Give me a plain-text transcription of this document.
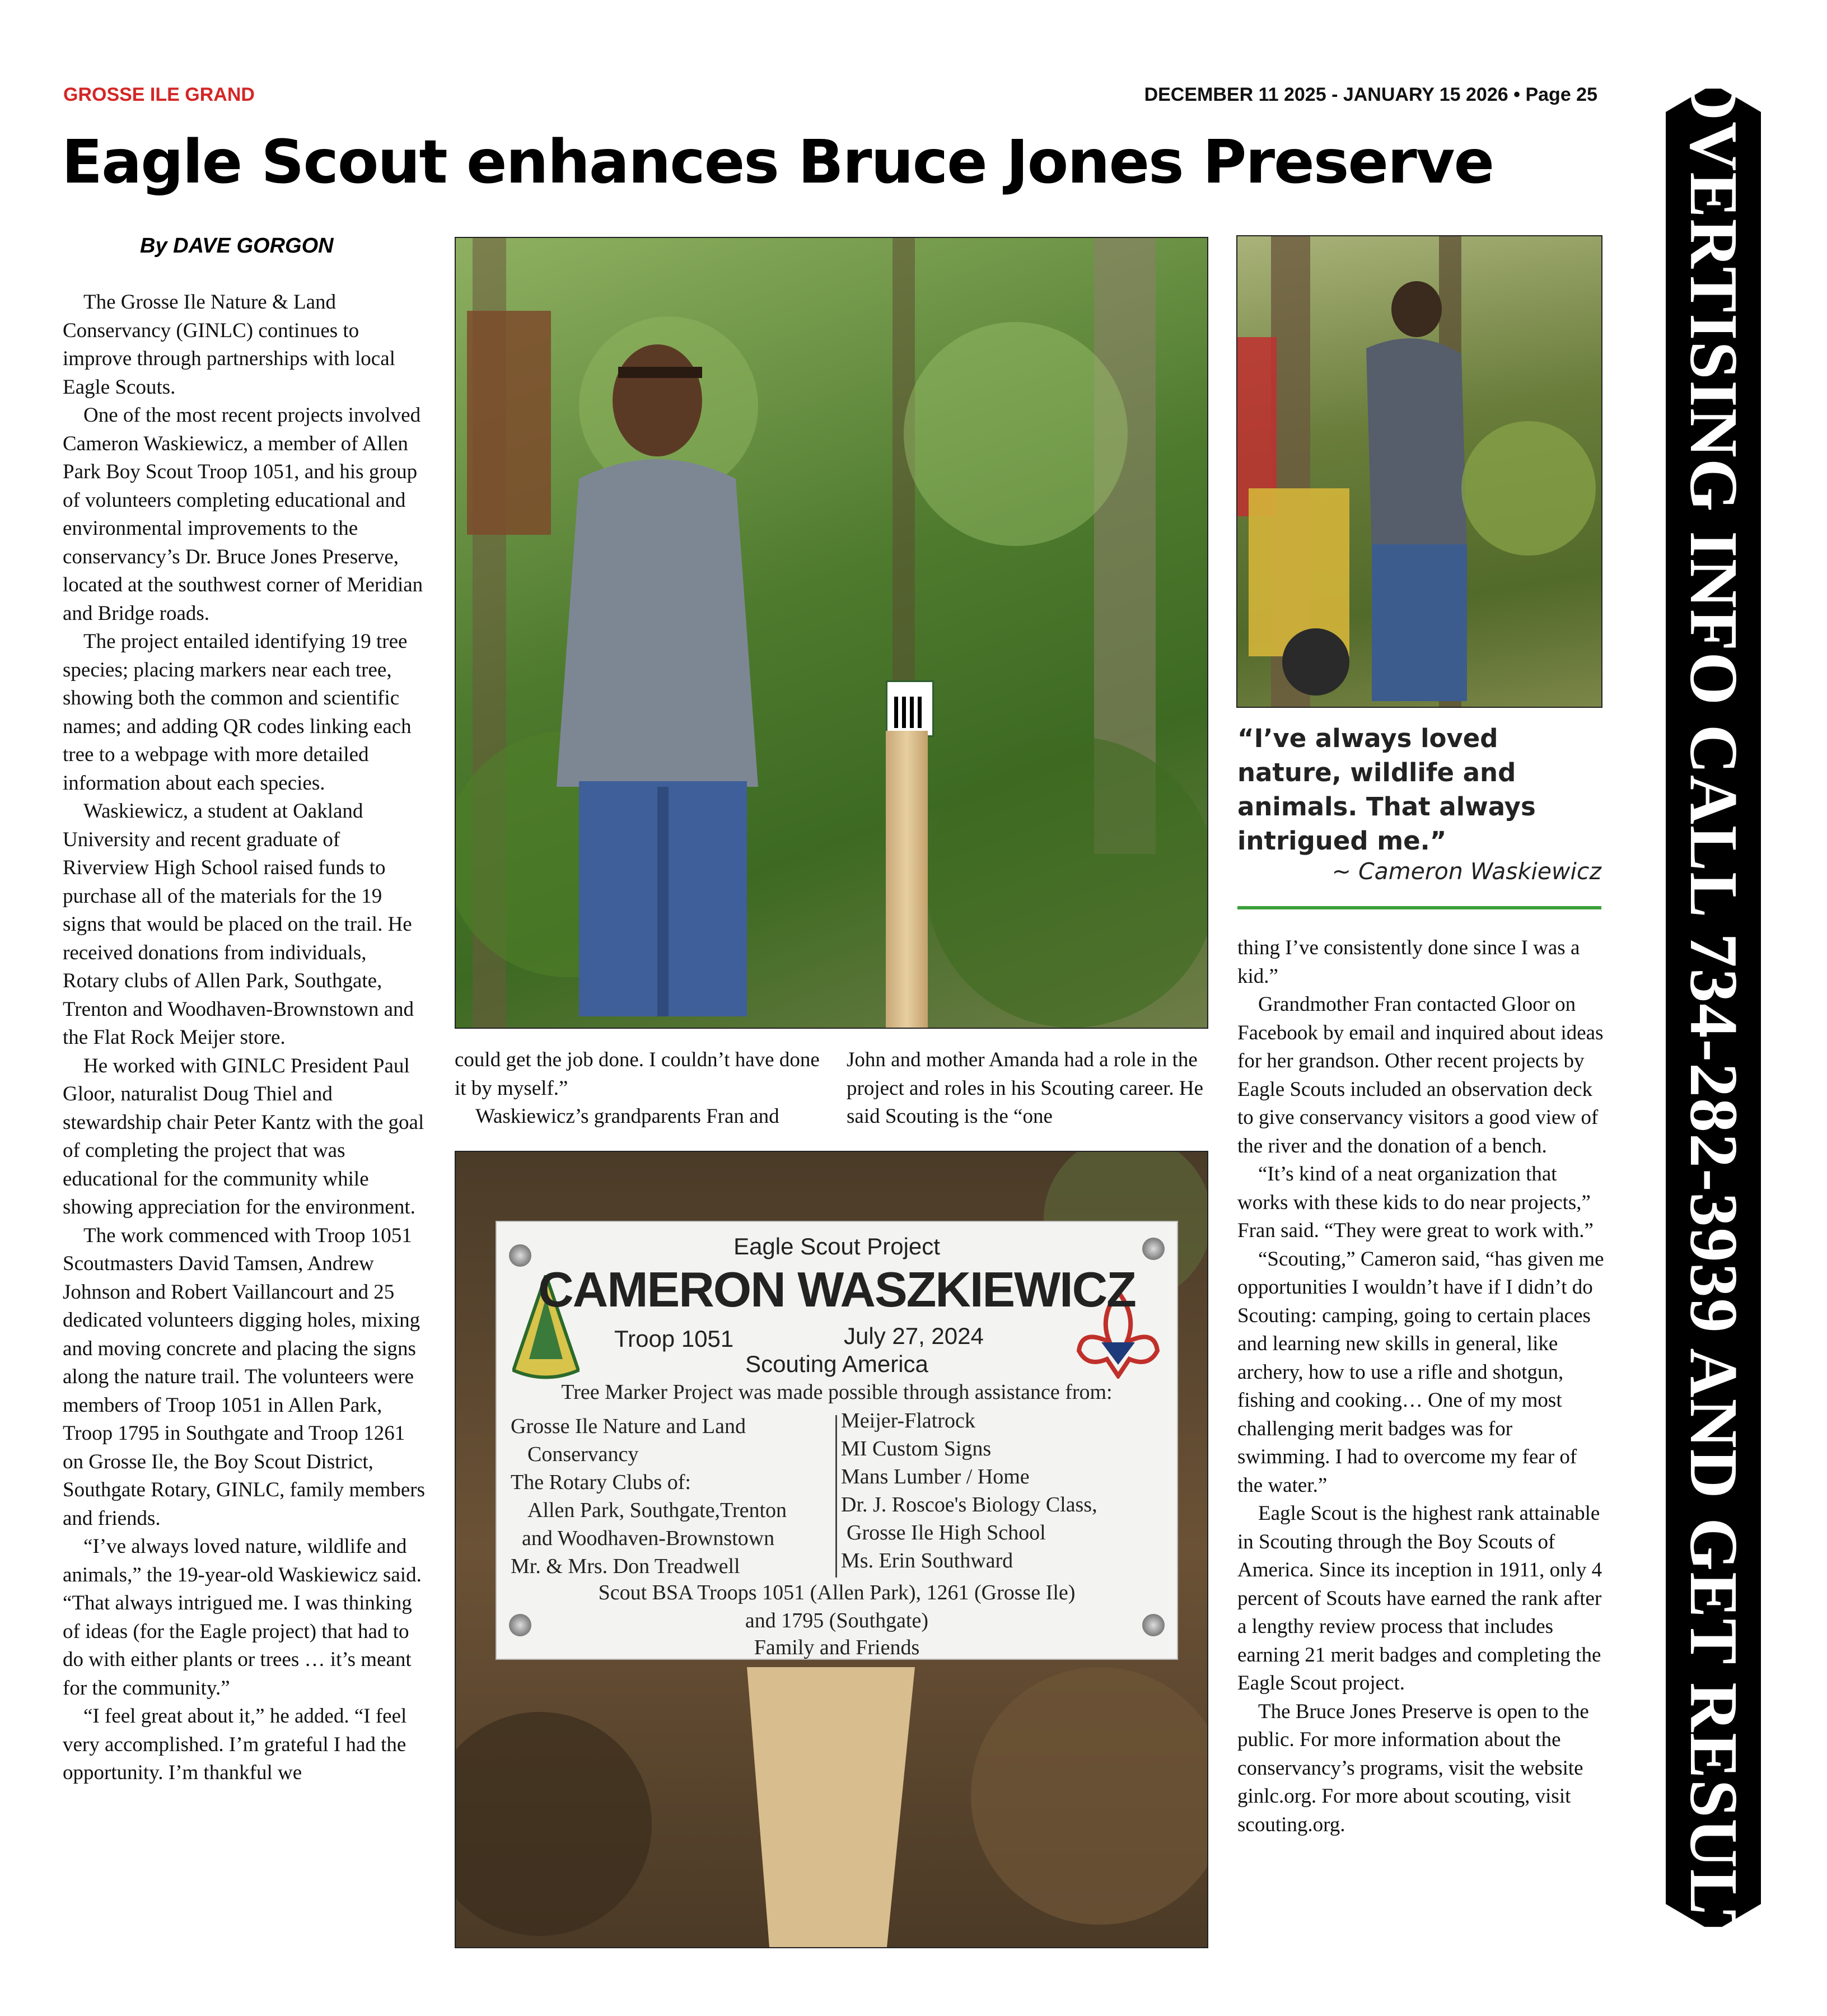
GROSSE ILE GRAND	DECEMBER 11 2025 - JANUARY 15 2026 • Page 25
Eagle Scout enhances Bruce Jones Preserve
By DAVE GORGON

The Grosse Ile Nature & Land Conservancy (GINLC) continues to improve through partnerships with local Eagle Scouts.

One of the most recent projects involved Cameron Waskiewicz, a member of Allen Park Boy Scout Troop 1051, and his group of volunteers completing educational and environmental improvements to the conservancy’s Dr. Bruce Jones Preserve, located at the southwest corner of Meridian and Bridge roads.

The project entailed identifying 19 tree species; placing markers near each tree, showing both the common and scientific names; and adding QR codes linking each tree to a webpage with more detailed information about each species.

Waskiewicz, a student at Oakland University and recent graduate of Riverview High School raised funds to purchase all of the materials for the 19 signs that would be placed on the trail. He received donations from individuals, Rotary clubs of Allen Park, Southgate, Trenton and Woodhaven-Brownstown and the Flat Rock Meijer store.

He worked with GINLC President Paul Gloor, naturalist Doug Thiel and stewardship chair Peter Kantz with the goal of completing the project that was educational for the community while showing appreciation for the environment.

The work commenced with Troop 1051 Scoutmasters David Tamsen, Andrew Johnson and Robert Vaillancourt and 25 dedicated volunteers digging holes, mixing and moving concrete and placing the signs along the nature trail. The volunteers were members of Troop 1051 in Allen Park, Troop 1795 in Southgate and Troop 1261 on Grosse Ile, the Boy Scout District, Southgate Rotary, GINLC, family members and friends.

“I’ve always loved nature, wildlife and animals,” the 19-year-old Waskiewicz said. “That always intrigued me. I was thinking of ideas (for the Eagle project) that had to do with either plants or trees … it’s meant for the community.”

“I feel great about it,” he added. “I feel very accomplished. I’m grateful I had the opportunity. I’m thankful we

“I’ve always loved nature, wildlife and animals. That always intrigued me.”
~ Cameron Waskiewicz

could get the job done. I couldn’t have done it by myself.”

Waskiewicz’s grandparents Fran and

John and mother Amanda had a role in the project and roles in his Scouting career. He said Scouting is the “one

Eagle Scout Project
CAMERON WASZKIEWICZ
Troop 1051	July 27, 2024
Scouting America
Tree Marker Project was made possible through assistance from:
Grosse Ile Nature and Land
Conservancy
The Rotary Clubs of:
Allen Park, Southgate,Trenton
and Woodhaven-Brownstown
Mr. & Mrs. Don Treadwell
Meijer-Flatrock
MI Custom Signs
Mans Lumber / Home
Dr. J. Roscoe's Biology Class,
Grosse Ile High School
Ms. Erin Southward
Scout BSA Troops 1051 (Allen Park), 1261 (Grosse Ile)
and 1795 (Southgate)
Family and Friends

thing I’ve consistently done since I was a kid.”

Grandmother Fran contacted Gloor on Facebook by email and inquired about ideas for her grandson. Other recent projects by Eagle Scouts included an observation deck to give conservancy visitors a good view of the river and the donation of a bench.

“It’s kind of a neat organization that works with these kids to do near projects,” Fran said. “They were great to work with.”

“Scouting,” Cameron said, “has given me opportunities I wouldn’t have if I didn’t do Scouting: camping, going to certain places and learning new skills in general, like archery, how to use a rifle and shotgun, fishing and cooking… One of my most challenging merit badges was for swimming. I had to overcome my fear of the water.”

Eagle Scout is the highest rank attainable in Scouting through the Boy Scouts of America. Since its inception in 1911, only 4 percent of Scouts have earned the rank after a lengthy review process that includes earning 21 merit badges and completing the Eagle Scout project.

The Bruce Jones Preserve is open to the public. For more information about the conservancy’s programs, visit the website ginlc.org. For more about scouting, visit scouting.org.	ADVERTISING INFO CALL 734-282-3939 AND GET RESULTS
